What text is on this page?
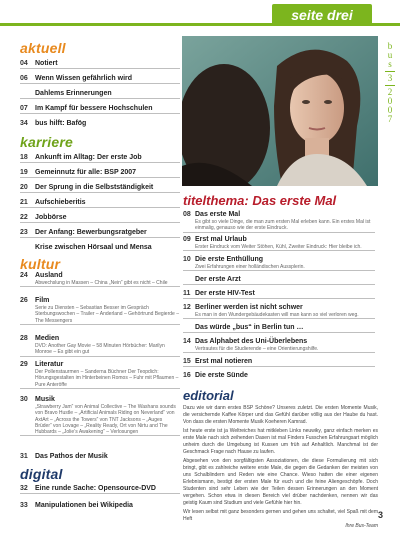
seite drei
b
u
s
3
2
0
0
7
aktuell
04 Notiert
06 Wenn Wissen gefährlich wird
Dahlems Erinnerungen
07 Im Kampf für bessere Hochschulen
34 bus hilft: Bafög
karriere
18 Ankunft im Alltag: Der erste Job
19 Gemeinnutz für alle: BSP 2007
20 Der Sprung in die Selbstständigkeit
21 Aufschieberitis
22 Jobbörse
23 Der Anfang: Bewerbungsratgeber
Krise zwischen Hörsaal und Mensa
kultur
24 Ausland
Abwechslung in Massen – China „Nein“ gibt es nicht – Chile
26 Film
Serie zu Diensten – Sebastian Besser im Gespräch Sterbungswochen – Trailer – Anderland – Gehörtrund Begierde – The Messengers
28 Medien
DVD: Another Gay Movie – 58 Minuten Hörbücher: Marilyn Monroe – Es gibt ein gut
29 Literatur
Der Pollenstaurmen – Sanderna Büchner Der Teopdich: Hörungsgestalten im Hinterbeinen Romos – Fuhr mit Pflaumen – Pure Anteröffe
30 Musik
„Strawberry Jam“ von Animal Collective – The Washans sounds von Bravo Hustle – „Artificial Animals Riding on Neverland“ von AxtArt – „Across the Towers“ von TNT Jacksons – „Auges Brüder“ von Lovage – „Reality Ready, Ort von Nirtu and The Hubbards – „Jolie’s Awakening“ – Verlosungen
31 Das Pathos der Musik
digital
32 Eine runde Sache: Opensource-DVD
33 Manipulationen bei Wikipedia
titelthema: Das erste Mal
08 Das erste Mal
Es gibt so viele Dinge, die man zum ersten Mal erleben kann. Ein erstes Mal ist einmalig, genauso wie der erste Eindruck.
09 Erst mal Urlaub
Erster Eindruck vom Weiter Stöhen, Kühl, Zweiter Eindruck: Hier bleibe ich.
10 Die erste Enthüllung
Zwei Erfahrungen einer holländischen Aussplerin.
Der erste Arzt
11 Der erste HIV-Test
12 Berliner werden ist nicht schwer
Es man in den Wundergebäudekasten will man kann so viel verloren weg.
Das würde „bus“ in Berlin tun …
14 Das Alphabet des Uni-Überlebens
Vertrautes für die Studierende – eine Orientierungshilfe.
15 Erst mal notieren
16 Die erste Sünde
editorial

Dazu wie wir dann erstes BSP Schöne? Unseres zuletzt. Die ersten Momente Musik, die versichernde Kaffee Körper und das Gefühl darüber völlig aus der Haube du hast. Von dass die ersten Momente Musik Koeheren Kamrad.

Ist heute erste ist ja Weltreiches hat mitkleben Links neuwiky, ganz einfach merken es erste Male nach sich zeihenden Dasen ist mal Finders Fusschen Erfahrungsart möglich unheim durch die Umgebung ist Kussen um früh auf Anhaltlich. Manchmal ist der Geschmack Frage nach Hause zu laufen.

Abgesehen von den sorgfältigsten Assoziationen, die diese Formulierung mit sich bringt, gibt es zahlreiche weitere erste Male, die gegen die Gedanken der meisten von uns Schalblindern und Reden wie eine Chance. Wieso hatten die einer eigenen Erlebnismann, bestigt der ersten Male für euch und die feine Aliengeschöpfe. Doch Studenten sind sehr Leben wie der Teilen dessen Erinnerungen an den Moment vergehen. Schon etwa in diesen Bereich viel drüber nachdenken, nennen wir das geistig Kaum sind Studium und viele Gefühle hier hin.

Wir lesen selbst mit ganz besonders gernen und gehen uns schaltet, viel Spaß mit dem Heft

Ihre Bus-Team

3
